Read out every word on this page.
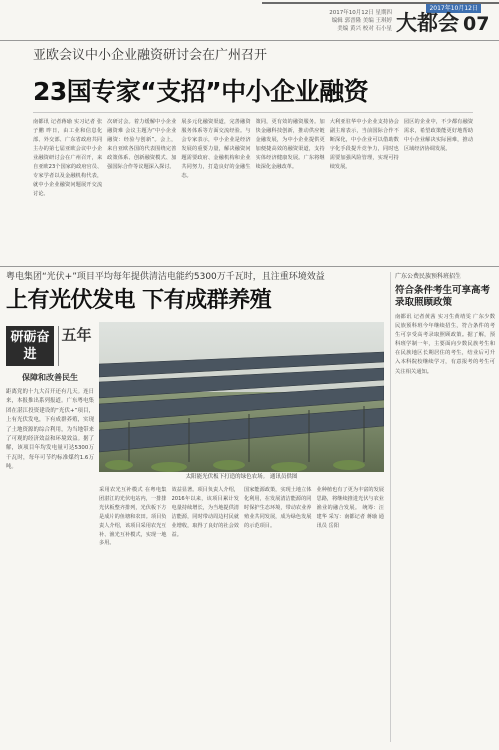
2017年10月12日
2017年10月12日 星期四
编辑 郭晋隆 美编 王琪婷
美编 黄兴 校对 石小星 大都会 07
亚欧会议中小企业融资研讨会在广州召开
23国专家“支招”中小企业融资
南都讯 记者蒋瑜 实习记者 张子鹏 昨日，由工业和信息化部、外交部、广东省政府共同主办的第七届亚欧会议中小企业融资研讨会在广州召开，来自亚欧23个国家的政府官员、专家学者以及金融机构代表，就中小企业融资问题展开交流讨论。
次研讨会。着力缓解中小企业融资难 会议主题为“中小企业融资：经验与创新”。会上，来自亚欧各国的代表围绕完善政策体系、创新融资模式、加强国际合作等议题深入探讨。
展多元化融资渠道，完善融资服务体系等方面交流经验。与会专家表示，中小企业是经济发展的重要力量，解决融资问题需要政府、金融机构和企业共同努力，打造良好的金融生态。
策同，更有效的融资服务。加快金融科技创新，推动供应链金融发展，为中小企业提供更加便捷高效的融资渠道，支持实体经济健康发展。广东将继续深化金融改革。
大利亚驻华中小企业支持协会副主席表示，当前国际合作不断深化，中小企业可以借助数字化手段提升竞争力，同时也需要加强风险管理，实现可持续发展。
园区的企业中，不少都有融资需求，希望政策能更好地帮助中小企业解决实际困难，推动区域经济协调发展。
粤电集团“光伏+”项目平均每年提供清洁电能约5300万千瓦时，且注重环境效益
上有光伏发电 下有成群养殖
研砺奋进
五年
保障和改善民生
距离党的十九大召开还有几天。连日来，本报推出系列报道。广东粤电集团在湛江投资建设的“光伏+”项目，上有光伏发电，下有成群养殖，实现了土地资源的综合利用，为当地带来了可观的经济效益和环境效益。据了解，该项目年均发电量可达5300万千瓦时，每年可节约标准煤约1.6万吨。
太阳能光伏板下打造的绿色农场。 通讯员供图
采用农光互补模式 在粤电集团湛江的光伏电站内，一排排光伏板整齐排列，光伏板下方是成片的鱼塘和农田。项目负责人介绍，该项目采用农光互补、渔光互补模式，实现一地多用。
效益显著。项目负责人介绍，2016年以来，该项目累计发电量持续增长，为当地提供清洁能源，同时带动周边村民就业增收，取得了良好的社会效益。
国家能源政策，实现土地立体化利用，在发展清洁能源的同时保护生态环境，带动农业养殖业共同发展，成为绿色发展的示范项目。
业种植也有了更为丰富的发展思路，将继续推进光伏与农业渔业的融合发展。 统筹：汪建华 采写：南都记者 蒋瑜 通讯员 岳阳
广东公费民族预科班招生
符合条件考生可享高考录取照顾政策
南都讯 记者黄茜 实习生黄靖雯 广东少数民族预科班今年继续招生，符合条件的考生可享受高考录取照顾政策。据了解，预科班学制一年，主要面向少数民族考生和在民族地区长期居住的考生，结业后可升入本科院校继续学习，有意报考的考生可关注相关通知。
